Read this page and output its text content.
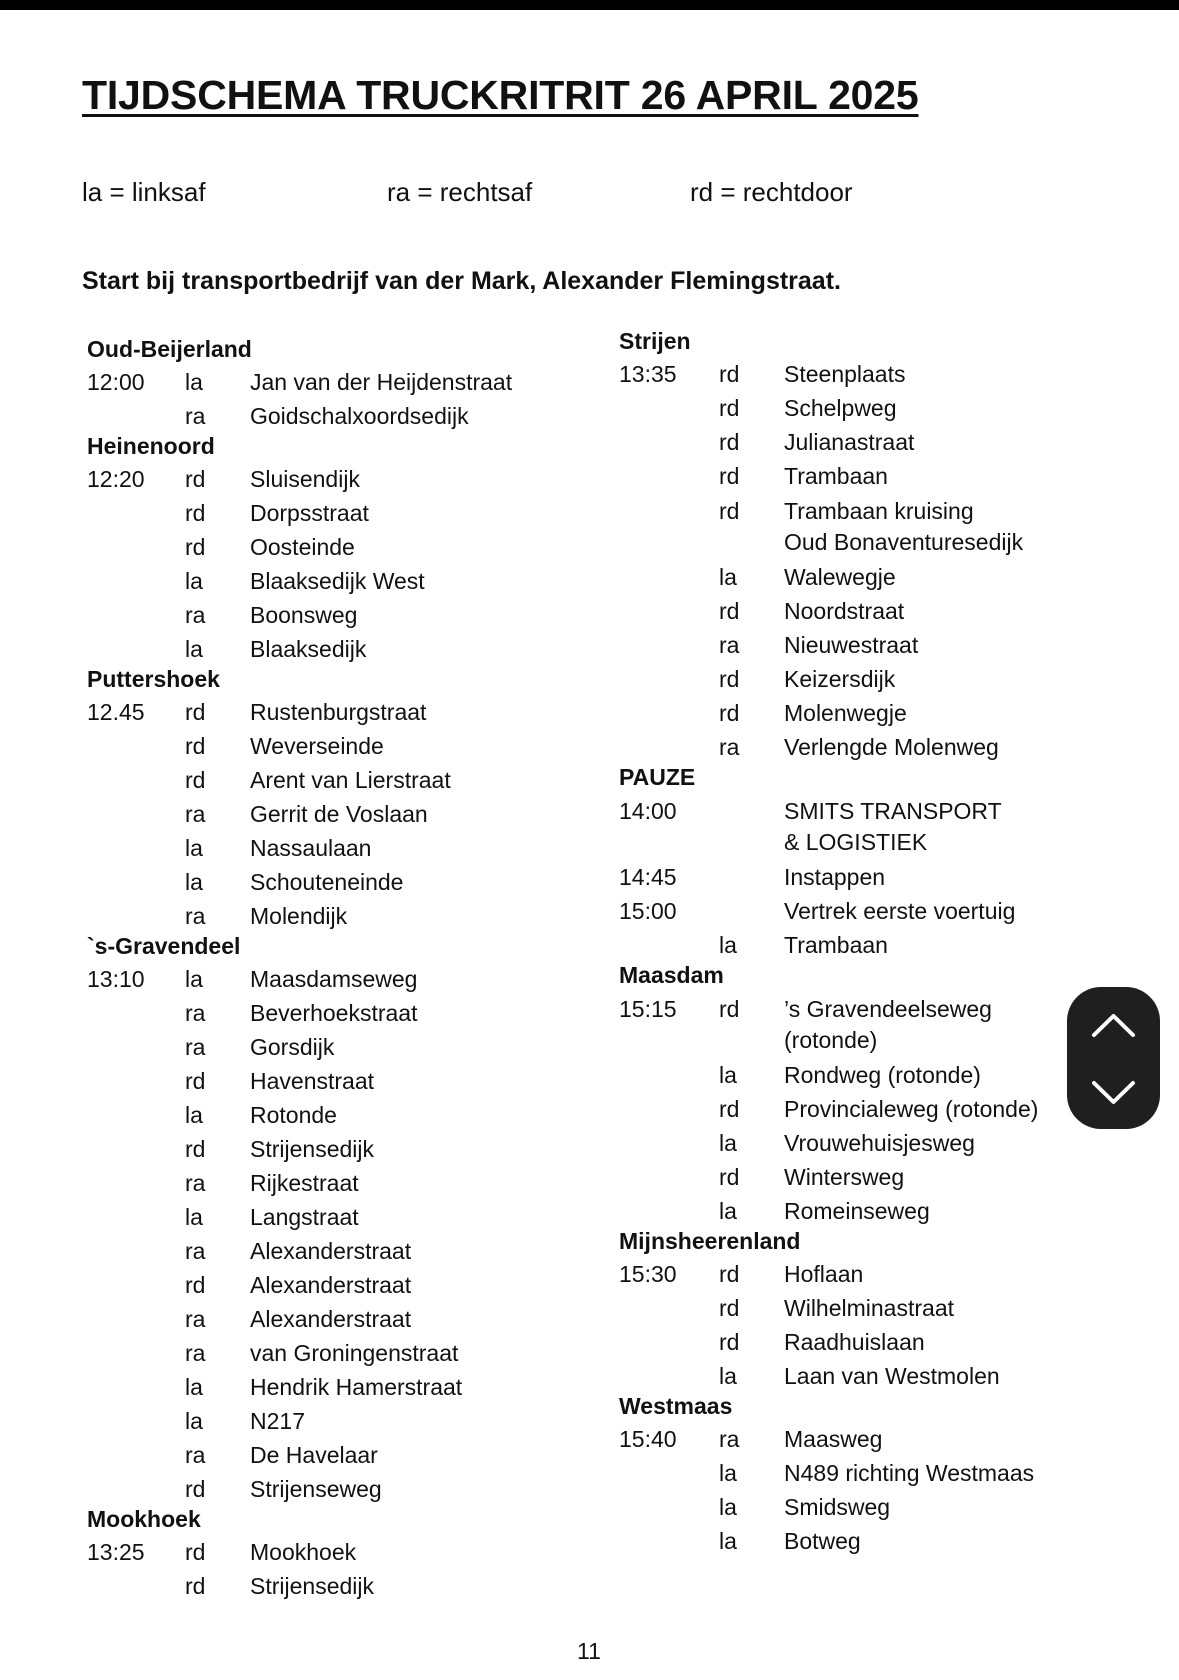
TIJDSCHEMA TRUCKRITRIT 26 APRIL 2025
la = linksaf	ra = rechtsaf	rd = rechtdoor
Start bij transportbedrijf van der Mark, Alexander Flemingstraat.
Oud-Beijerland
12:00	la	Jan van der Heijdenstraat
ra	Goidschalxoordsedijk
Heinenoord
12:20	rd	Sluisendijk
rd	Dorpsstraat
rd	Oosteinde
la	Blaaksedijk West
ra	Boonsweg
la	Blaaksedijk
Puttershoek
12.45	rd	Rustenburgstraat
rd	Weverseinde
rd	Arent van Lierstraat
ra	Gerrit de Voslaan
la	Nassaulaan
la	Schouteneinde
ra	Molendijk
`s-Gravendeel
13:10	la	Maasdamseweg
ra	Beverhoekstraat
ra	Gorsdijk
rd	Havenstraat
la	Rotonde
rd	Strijensedijk
ra	Rijkestraat
la	Langstraat
ra	Alexanderstraat
rd	Alexanderstraat
ra	Alexanderstraat
ra	van Groningenstraat
la	Hendrik Hamerstraat
la	N217
ra	De Havelaar
rd	Strijenseweg
Mookhoek
13:25	rd	Mookhoek
rd	Strijensedijk
Strijen
13:35	rd	Steenplaats
rd	Schelpweg
rd	Julianastraat
rd	Trambaan
rd	Trambaan kruising
Oud Bonaventuresedijk
la	Walewegje
rd	Noordstraat
ra	Nieuwestraat
rd	Keizersdijk
rd	Molenwegje
ra	Verlengde Molenweg
PAUZE
14:00	SMITS TRANSPORT
& LOGISTIEK
14:45	Instappen
15:00	Vertrek eerste voertuig
la	Trambaan
Maasdam
15:15	rd	’s Gravendeelseweg
(rotonde)
la	Rondweg (rotonde)
rd	Provincialeweg (rotonde)
la	Vrouwehuisjesweg
rd	Wintersweg
la	Romeinseweg
Mijnsheerenland
15:30	rd	Hoflaan
rd	Wilhelminastraat
rd	Raadhuislaan
la	Laan van Westmolen
Westmaas
15:40	ra	Maasweg
la	N489 richting Westmaas
la	Smidsweg
la	Botweg
11
